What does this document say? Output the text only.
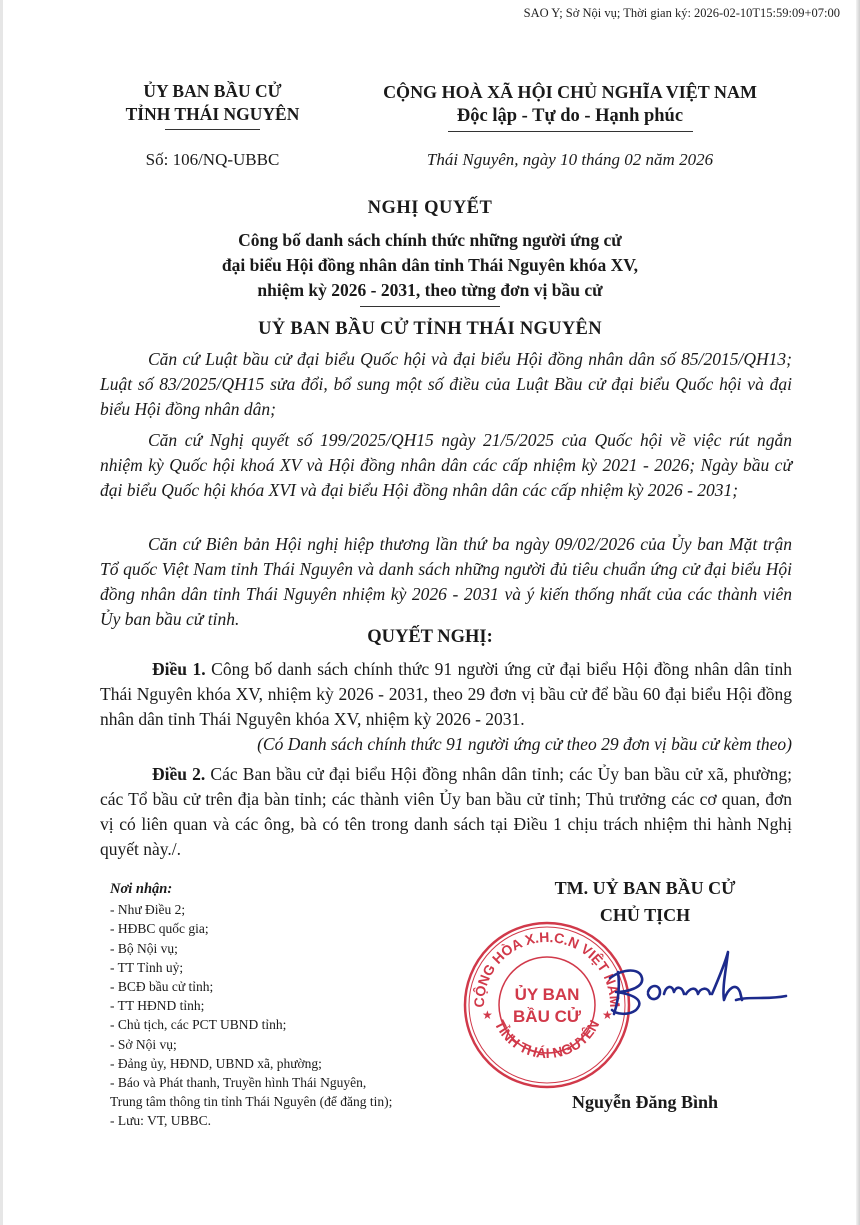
SAO Y; Sở Nội vụ; Thời gian ký: 2026-02-10T15:59:09+07:00
ỦY BAN BẦU CỬ
TỈNH THÁI NGUYÊN
Số: 106/NQ-UBBC
CỘNG HOÀ XÃ HỘI CHỦ NGHĨA VIỆT NAM
Độc lập - Tự do - Hạnh phúc
Thái Nguyên, ngày 10 tháng 02 năm 2026
NGHỊ QUYẾT
Công bố danh sách chính thức những người ứng cử
đại biểu Hội đồng nhân dân tỉnh Thái Nguyên khóa XV,
nhiệm kỳ 2026 - 2031, theo từng đơn vị bầu cử
UỶ BAN BẦU CỬ TỈNH THÁI NGUYÊN

Căn cứ Luật bầu cử đại biểu Quốc hội và đại biểu Hội đồng nhân dân số 85/2015/QH13; Luật số 83/2025/QH15 sửa đổi, bổ sung một số điều của Luật Bầu cử đại biểu Quốc hội và đại biểu Hội đồng nhân dân;

Căn cứ Nghị quyết số 199/2025/QH15 ngày 21/5/2025 của Quốc hội về việc rút ngắn nhiệm kỳ Quốc hội khoá XV và Hội đồng nhân dân các cấp nhiệm kỳ 2021 - 2026; Ngày bầu cử đại biểu Quốc hội khóa XVI và đại biểu Hội đồng nhân dân các cấp nhiệm kỳ 2026 - 2031;

Căn cứ Biên bản Hội nghị hiệp thương lần thứ ba ngày 09/02/2026 của Ủy ban Mặt trận Tổ quốc Việt Nam tỉnh Thái Nguyên và danh sách những người đủ tiêu chuẩn ứng cử đại biểu Hội đồng nhân dân tỉnh Thái Nguyên nhiệm kỳ 2026 - 2031 và ý kiến thống nhất của các thành viên Ủy ban bầu cử tỉnh.

QUYẾT NGHỊ:

Điều 1. Công bố danh sách chính thức 91 người ứng cử đại biểu Hội đồng nhân dân tỉnh Thái Nguyên khóa XV, nhiệm kỳ 2026 - 2031, theo 29 đơn vị bầu cử để bầu 60 đại biểu Hội đồng nhân dân tỉnh Thái Nguyên khóa XV, nhiệm kỳ 2026 - 2031.

(Có Danh sách chính thức 91 người ứng cử theo 29 đơn vị bầu cử kèm theo)

Điều 2. Các Ban bầu cử đại biểu Hội đồng nhân dân tỉnh; các Ủy ban bầu cử xã, phường; các Tổ bầu cử trên địa bàn tỉnh; các thành viên Ủy ban bầu cử tỉnh; Thủ trưởng các cơ quan, đơn vị có liên quan và các ông, bà có tên trong danh sách tại Điều 1 chịu trách nhiệm thi hành Nghị quyết này./.

Nơi nhận:
- Như Điều 2;
- HĐBC quốc gia;
- Bộ Nội vụ;
- TT Tỉnh uỷ;
- BCĐ bầu cử tỉnh;
- TT HĐND tỉnh;
- Chủ tịch, các PCT UBND tỉnh;
- Sở Nội vụ;
- Đảng ủy, HĐND, UBND xã, phường;
- Báo và Phát thanh, Truyền hình Thái Nguyên,
Trung tâm thông tin tỉnh Thái Nguyên (để đăng tin);
- Lưu: VT, UBBC.
TM. UỶ BAN BẦU CỬ
CHỦ TỊCH
CỘNG HÒA X.H.C.N VIỆT NAM
TỈNH THÁI NGUYÊN
ỦY BAN
BẦU CỬ
★	★
Nguyễn Đăng Bình
